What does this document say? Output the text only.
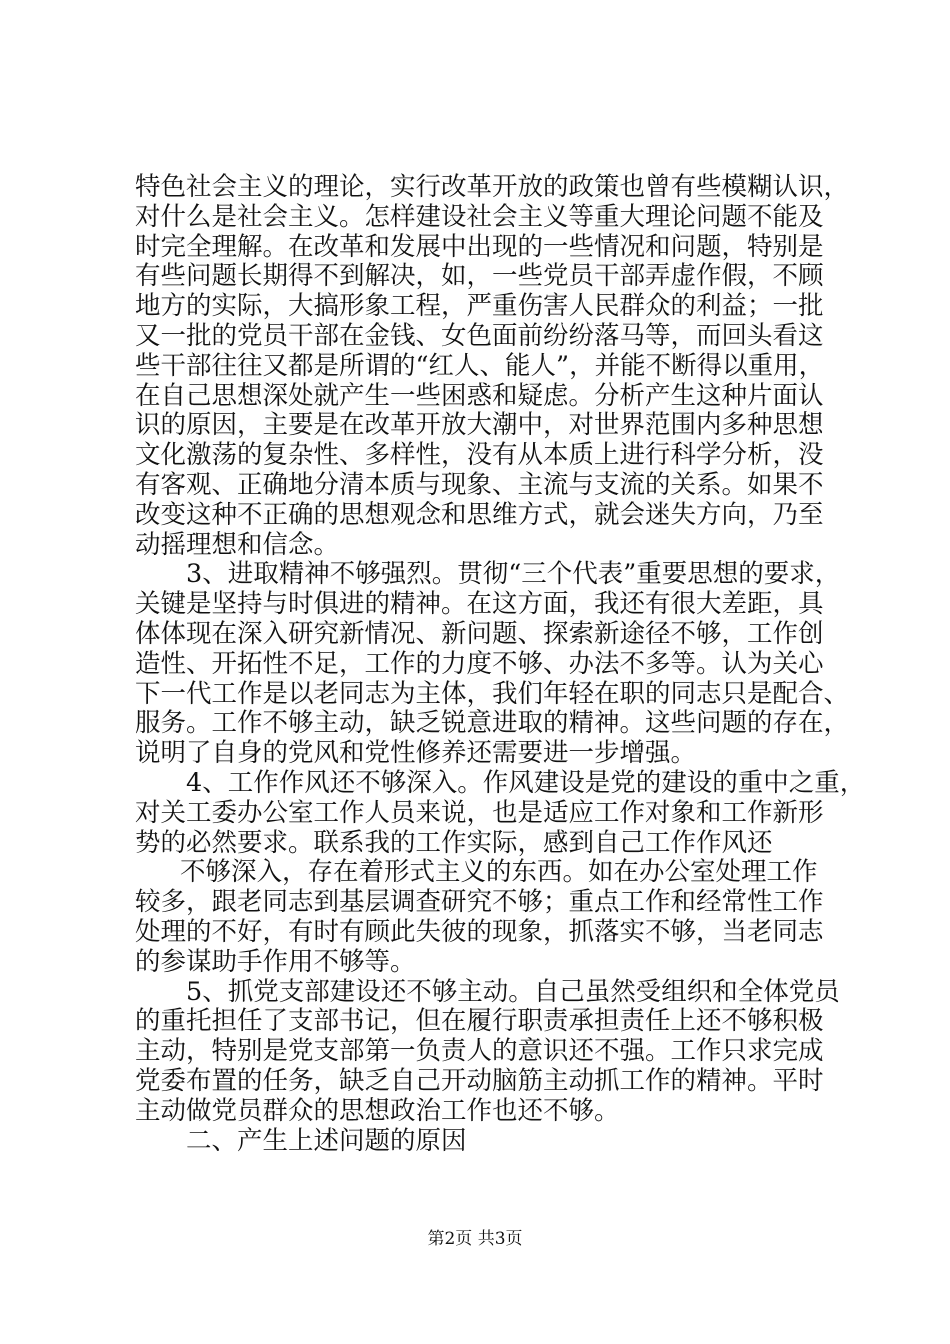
特色社会主义的理论，实行改革开放的政策也曾有些模糊认识，
对什么是社会主义。怎样建设社会主义等重大理论问题不能及
时完全理解。在改革和发展中出现的一些情况和问题，特别是
有些问题长期得不到解决，如，一些党员干部弄虚作假，不顾
地方的实际，大搞形象工程，严重伤害人民群众的利益；一批
又一批的党员干部在金钱、女色面前纷纷落马等，而回头看这
些干部往往又都是所谓的“红人、能人”，并能不断得以重用，
在自己思想深处就产生一些困惑和疑虑。分析产生这种片面认
识的原因，主要是在改革开放大潮中，对世界范围内多种思想
文化激荡的复杂性、多样性，没有从本质上进行科学分析，没
有客观、正确地分清本质与现象、主流与支流的关系。如果不
改变这种不正确的思想观念和思维方式，就会迷失方向，乃至
动摇理想和信念。
3、进取精神不够强烈。贯彻“三个代表”重要思想的要求，
关键是坚持与时俱进的精神。在这方面，我还有很大差距，具
体体现在深入研究新情况、新问题、探索新途径不够，工作创
造性、开拓性不足，工作的力度不够、办法不多等。认为关心
下一代工作是以老同志为主体，我们年轻在职的同志只是配合、
服务。工作不够主动，缺乏锐意进取的精神。这些问题的存在，
说明了自身的党风和党性修养还需要进一步增强。
4、工作作风还不够深入。作风建设是党的建设的重中之重，
对关工委办公室工作人员来说，也是适应工作对象和工作新形
势的必然要求。联系我的工作实际，感到自己工作作风还
不够深入，存在着形式主义的东西。如在办公室处理工作
较多，跟老同志到基层调查研究不够；重点工作和经常性工作
处理的不好，有时有顾此失彼的现象，抓落实不够，当老同志
的参谋助手作用不够等。
5、抓党支部建设还不够主动。自己虽然受组织和全体党员
的重托担任了支部书记，但在履行职责承担责任上还不够积极
主动，特别是党支部第一负责人的意识还不强。工作只求完成
党委布置的任务，缺乏自己开动脑筋主动抓工作的精神。平时
主动做党员群众的思想政治工作也还不够。
二、产生上述问题的原因
第2页 共3页
